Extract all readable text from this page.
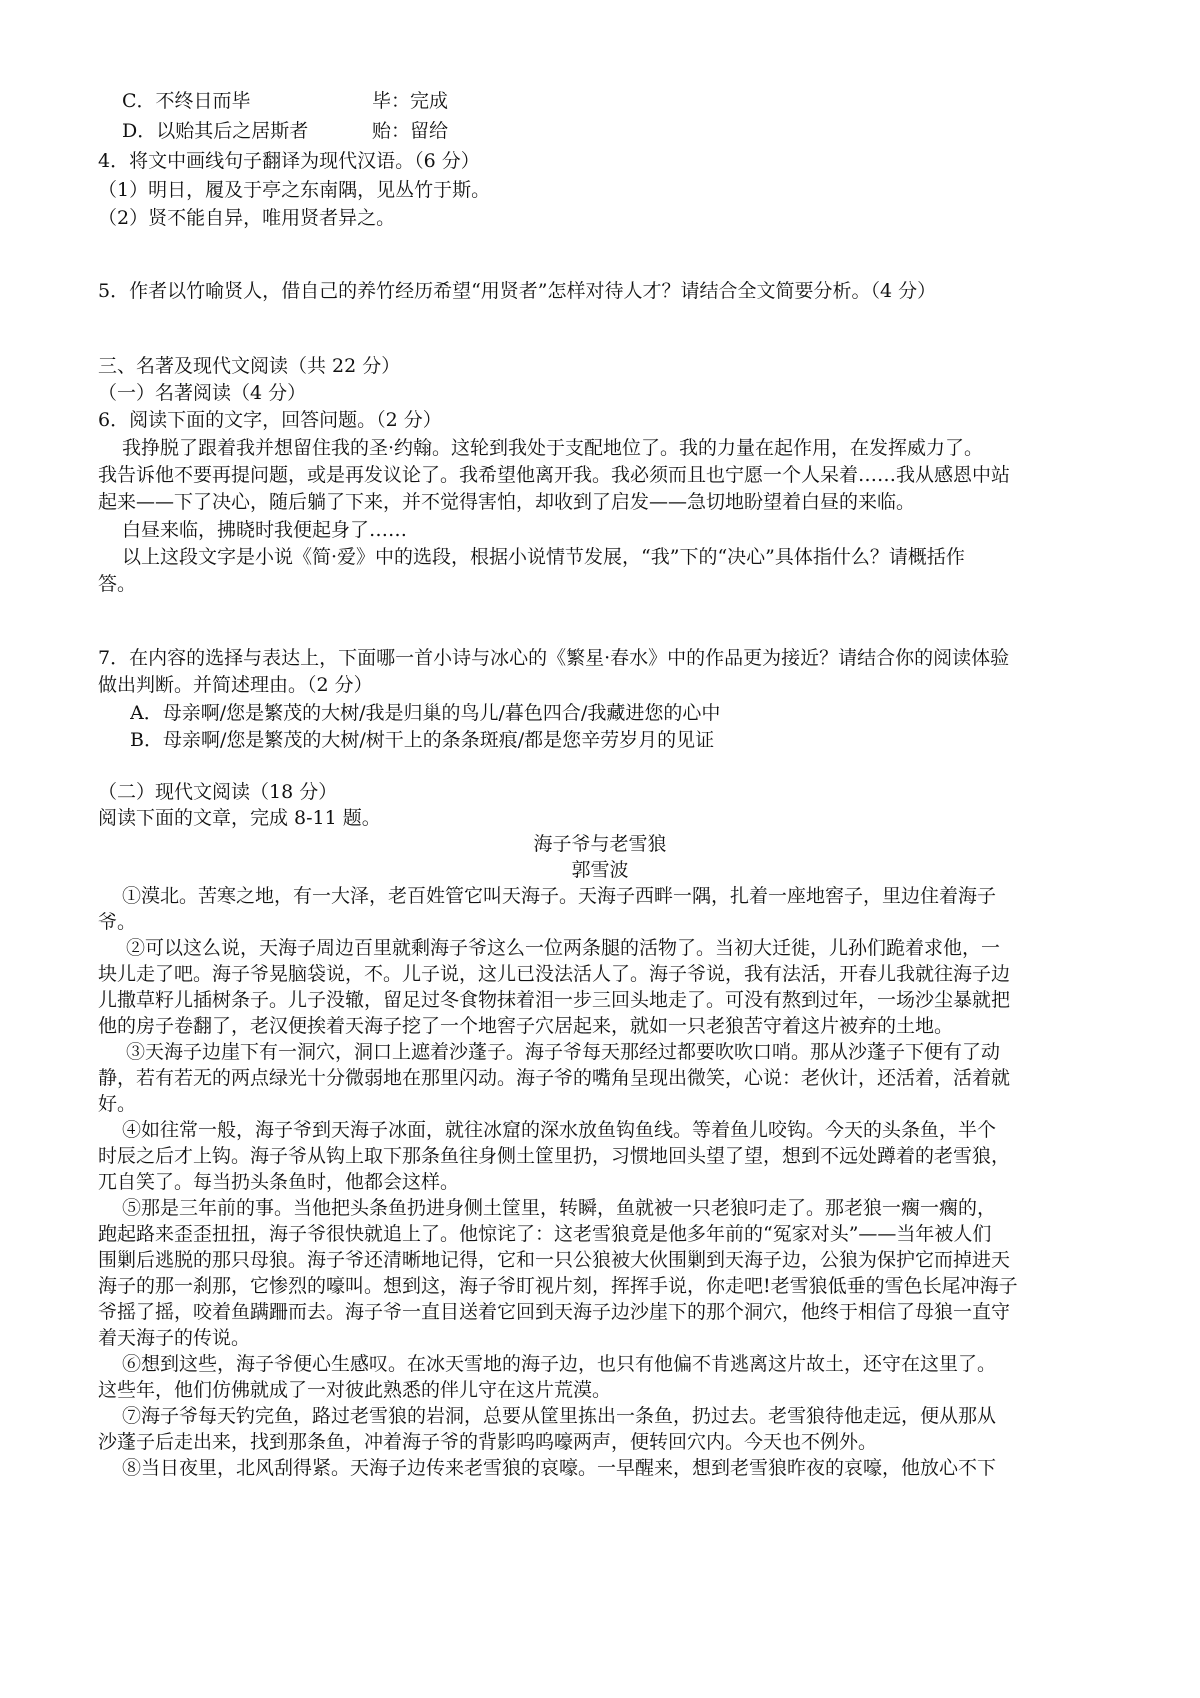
C．不终日而毕	毕：完成
D．以贻其后之居斯者	贻：留给
4．将文中画线句子翻译为现代汉语。（6 分）
（1）明日，履及于亭之东南隅，见丛竹于斯。
（2）贤不能自异，唯用贤者异之。
5．作者以竹喻贤人，借自己的养竹经历希望“用贤者”怎样对待人才？请结合全文简要分析。（4 分）
三、名著及现代文阅读（共 22 分）
（一）名著阅读（4 分）
6．阅读下面的文字，回答问题。（2 分）
我挣脱了跟着我并想留住我的圣·约翰。这轮到我处于支配地位了。我的力量在起作用，在发挥威力了。
我告诉他不要再提问题，或是再发议论了。我希望他离开我。我必须而且也宁愿一个人呆着……我从感恩中站
起来——下了决心，随后躺了下来，并不觉得害怕，却收到了启发——急切地盼望着白昼的来临。
白昼来临，拂晓时我便起身了……
以上这段文字是小说《简·爱》中的选段，根据小说情节发展，“我”下的“决心”具体指什么？请概括作
答。
7．在内容的选择与表达上，下面哪一首小诗与冰心的《繁星·春水》中的作品更为接近？请结合你的阅读体验
做出判断。并简述理由。（2 分）
A．母亲啊/您是繁茂的大树/我是归巢的鸟儿/暮色四合/我藏进您的心中
B．母亲啊/您是繁茂的大树/树干上的条条斑痕/都是您辛劳岁月的见证
（二）现代文阅读（18 分）
阅读下面的文章，完成 8-11 题。
海子爷与老雪狼
郭雪波
①漠北。苦寒之地，有一大泽，老百姓管它叫天海子。天海子西畔一隅，扎着一座地窖子，里边住着海子
爷。
②可以这么说，天海子周边百里就剩海子爷这么一位两条腿的活物了。当初大迁徙，儿孙们跪着求他，一
块儿走了吧。海子爷晃脑袋说，不。儿子说，这儿已没法活人了。海子爷说，我有法活，开春儿我就往海子边
儿撒草籽儿插树条子。儿子没辙，留足过冬食物抹着泪一步三回头地走了。可没有熬到过年，一场沙尘暴就把
他的房子卷翻了，老汉便挨着天海子挖了一个地窖子穴居起来，就如一只老狼苦守着这片被弃的土地。
③天海子边崖下有一洞穴，洞口上遮着沙蓬子。海子爷每天那经过都要吹吹口哨。那从沙蓬子下便有了动
静，若有若无的两点绿光十分微弱地在那里闪动。海子爷的嘴角呈现出微笑，心说：老伙计，还活着，活着就
好。
④如往常一般，海子爷到天海子冰面，就往冰窟的深水放鱼钩鱼线。等着鱼儿咬钩。今天的头条鱼，半个
时辰之后才上钩。海子爷从钩上取下那条鱼往身侧土筐里扔，习惯地回头望了望，想到不远处蹲着的老雪狼，
兀自笑了。每当扔头条鱼时，他都会这样。
⑤那是三年前的事。当他把头条鱼扔进身侧土筐里，转瞬，鱼就被一只老狼叼走了。那老狼一瘸一瘸的，
跑起路来歪歪扭扭，海子爷很快就追上了。他惊诧了：这老雪狼竟是他多年前的“冤家对头”——当年被人们
围剿后逃脱的那只母狼。海子爷还清晰地记得，它和一只公狼被大伙围剿到天海子边，公狼为保护它而掉进天
海子的那一刹那，它惨烈的嚎叫。想到这，海子爷盯视片刻，挥挥手说，你走吧!老雪狼低垂的雪色长尾冲海子
爷摇了摇，咬着鱼蹒跚而去。海子爷一直目送着它回到天海子边沙崖下的那个洞穴，他终于相信了母狼一直守
着天海子的传说。
⑥想到这些，海子爷便心生感叹。在冰天雪地的海子边，也只有他偏不肯逃离这片故土，还守在这里了。
这些年，他们仿佛就成了一对彼此熟悉的伴儿守在这片荒漠。
⑦海子爷每天钓完鱼，路过老雪狼的岩洞，总要从筐里拣出一条鱼，扔过去。老雪狼待他走远，便从那从
沙蓬子后走出来，找到那条鱼，冲着海子爷的背影呜呜嚎两声，便转回穴内。今天也不例外。
⑧当日夜里，北风刮得紧。天海子边传来老雪狼的哀嚎。一早醒来，想到老雪狼昨夜的哀嚎，他放心不下
